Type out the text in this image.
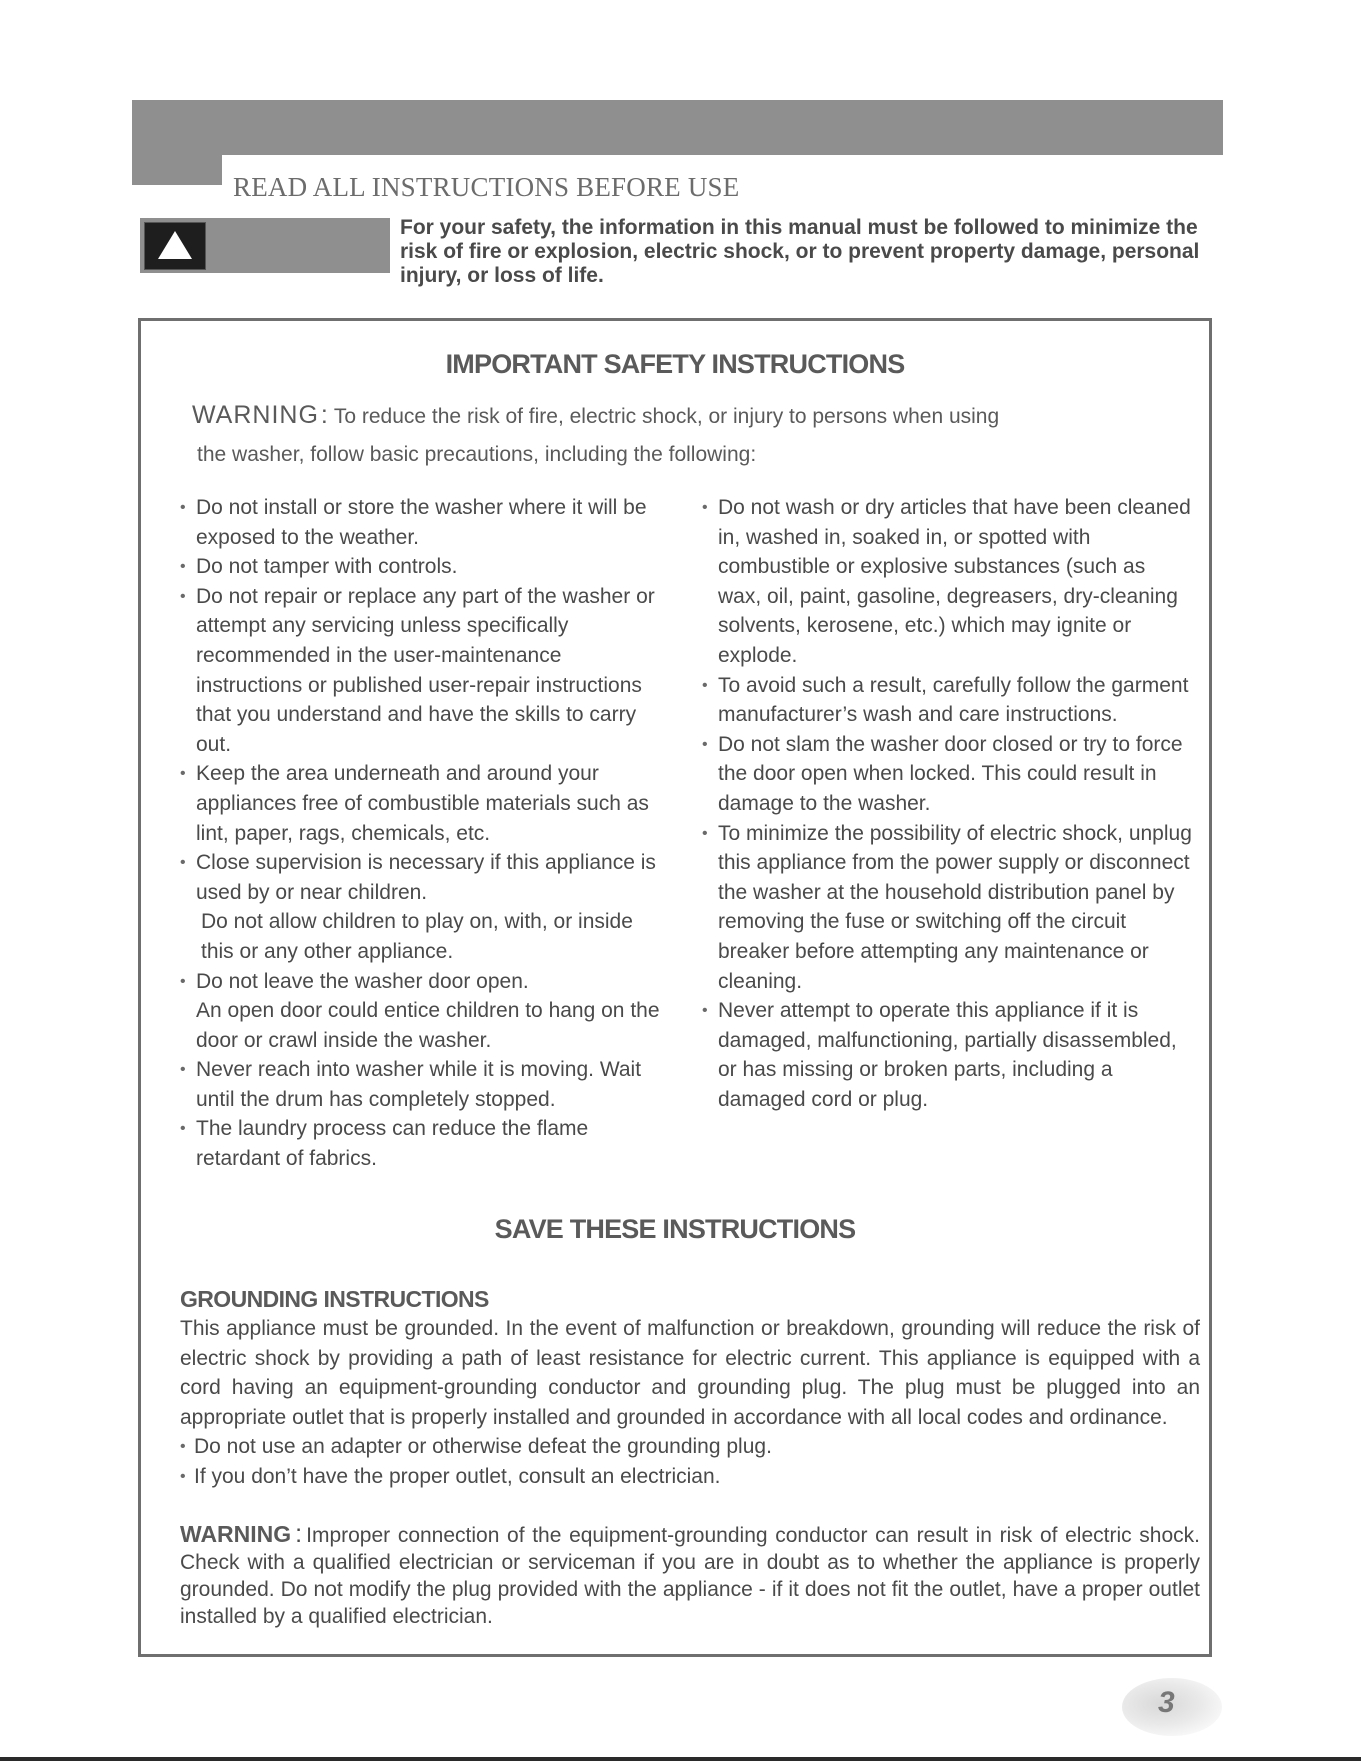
READ ALL INSTRUCTIONS BEFORE USE
For your safety, the information in this manual must be followed to minimize the risk of fire or explosion, electric shock, or to prevent property damage, personal injury, or loss of life.
IMPORTANT SAFETY INSTRUCTIONS
WARNING: To reduce the risk of fire, electric shock, or injury to persons when using
the washer, follow basic precautions, including the following:

• Do not install or store the washer where it will be exposed to the weather.

• Do not tamper with controls.

• Do not repair or replace any part of the washer or attempt any servicing unless specifically recommended in the user-maintenance instructions or published user-repair instructions that you understand and have the skills to carry out.

• Keep the area underneath and around your appliances free of combustible materials such as lint, paper, rags, chemicals, etc.

• Close supervision is necessary if this appliance is used by or near children.

Do not allow children to play on, with, or inside this or any other appliance.

• Do not leave the washer door open.

An open door could entice children to hang on the door or crawl inside the washer.

• Never reach into washer while it is moving. Wait until the drum has completely stopped.

• The laundry process can reduce the flame retardant of fabrics.

• Do not wash or dry articles that have been cleaned in, washed in, soaked in, or spotted with combustible or explosive substances (such as wax, oil, paint, gasoline, degreasers, dry-cleaning solvents, kerosene, etc.) which may ignite or explode.

• To avoid such a result, carefully follow the garment manufacturer’s wash and care instructions.

• Do not slam the washer door closed or try to force the door open when locked. This could result in damage to the washer.

• To minimize the possibility of electric shock, unplug this appliance from the power supply or disconnect the washer at the household distribution panel by removing the fuse or switching off the circuit breaker before attempting any maintenance or cleaning.

• Never attempt to operate this appliance if it is damaged, malfunctioning, partially disassembled, or has missing or broken parts, including a damaged cord or plug.

SAVE THESE INSTRUCTIONS
GROUNDING INSTRUCTIONS

This appliance must be grounded. In the event of malfunction or breakdown, grounding will reduce the risk of electric shock by providing a path of least resistance for electric current. This appliance is equipped with a cord having an equipment-grounding conductor and grounding plug. The plug must be plugged into an appropriate outlet that is properly installed and grounded in accordance with all local codes and ordinance.

• Do not use an adapter or otherwise defeat the grounding plug.

• If you don’t have the proper outlet, consult an electrician.

WARNING : Improper connection of the equipment-grounding conductor can result in risk of electric shock. Check with a qualified electrician or serviceman if you are in doubt as to whether the appliance is properly grounded. Do not modify the plug provided with the appliance - if it does not fit the outlet, have a proper outlet installed by a qualified electrician.
3
